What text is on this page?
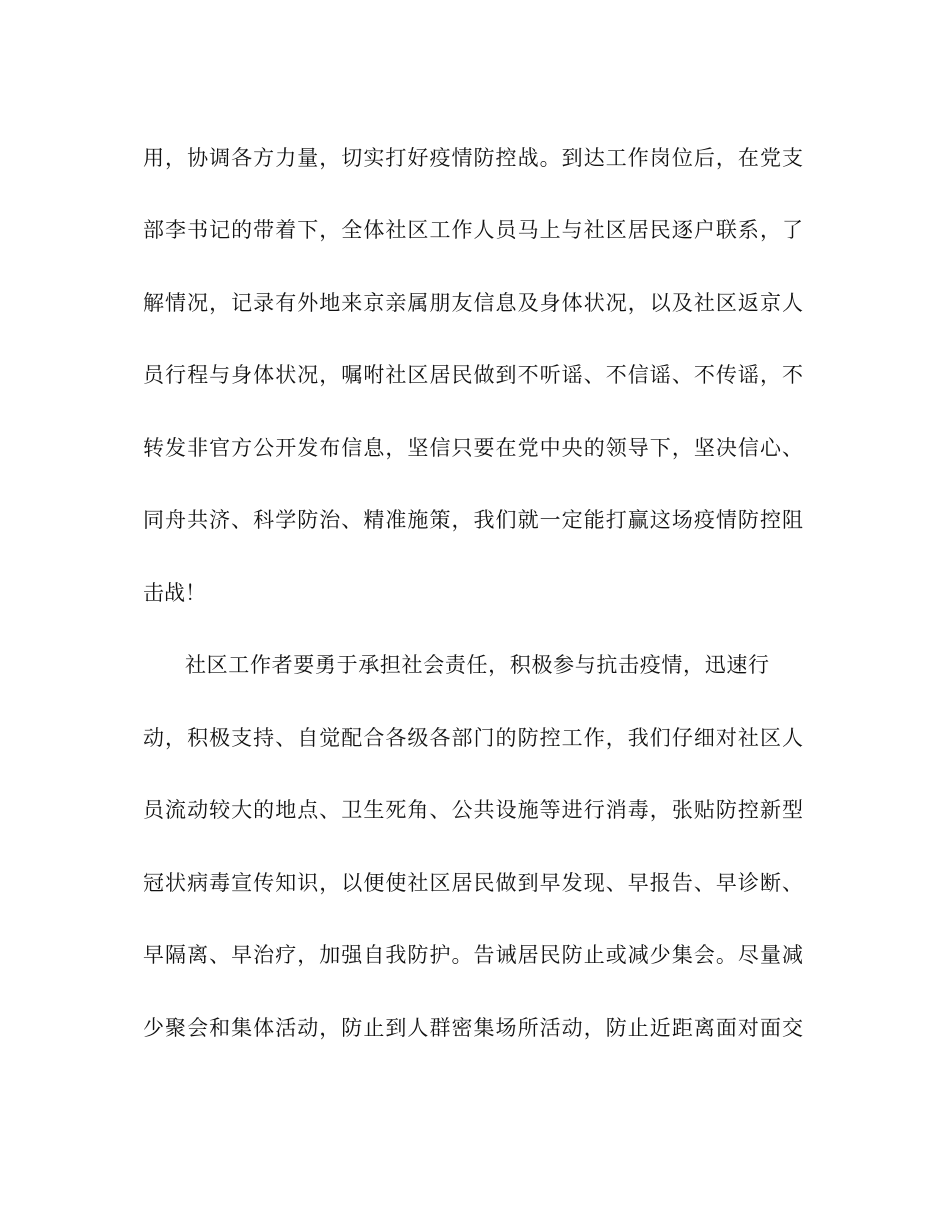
用，协调各方力量，切实打好疫情防控战。到达工作岗位后，在党支
部李书记的带着下，全体社区工作人员马上与社区居民逐户联系，了
解情况，记录有外地来京亲属朋友信息及身体状况，以及社区返京人
员行程与身体状况，嘱咐社区居民做到不听谣、不信谣、不传谣，不
转发非官方公开发布信息，坚信只要在党中央的领导下，坚决信心、
同舟共济、科学防治、精准施策，我们就一定能打赢这场疫情防控阻
击战！
社区工作者要勇于承担社会责任，积极参与抗击疫情，迅速行
动，积极支持、自觉配合各级各部门的防控工作，我们仔细对社区人
员流动较大的地点、卫生死角、公共设施等进行消毒，张贴防控新型
冠状病毒宣传知识，以便使社区居民做到早发现、早报告、早诊断、
早隔离、早治疗，加强自我防护。告诫居民防止或减少集会。尽量减
少聚会和集体活动，防止到人群密集场所活动，防止近距离面对面交
